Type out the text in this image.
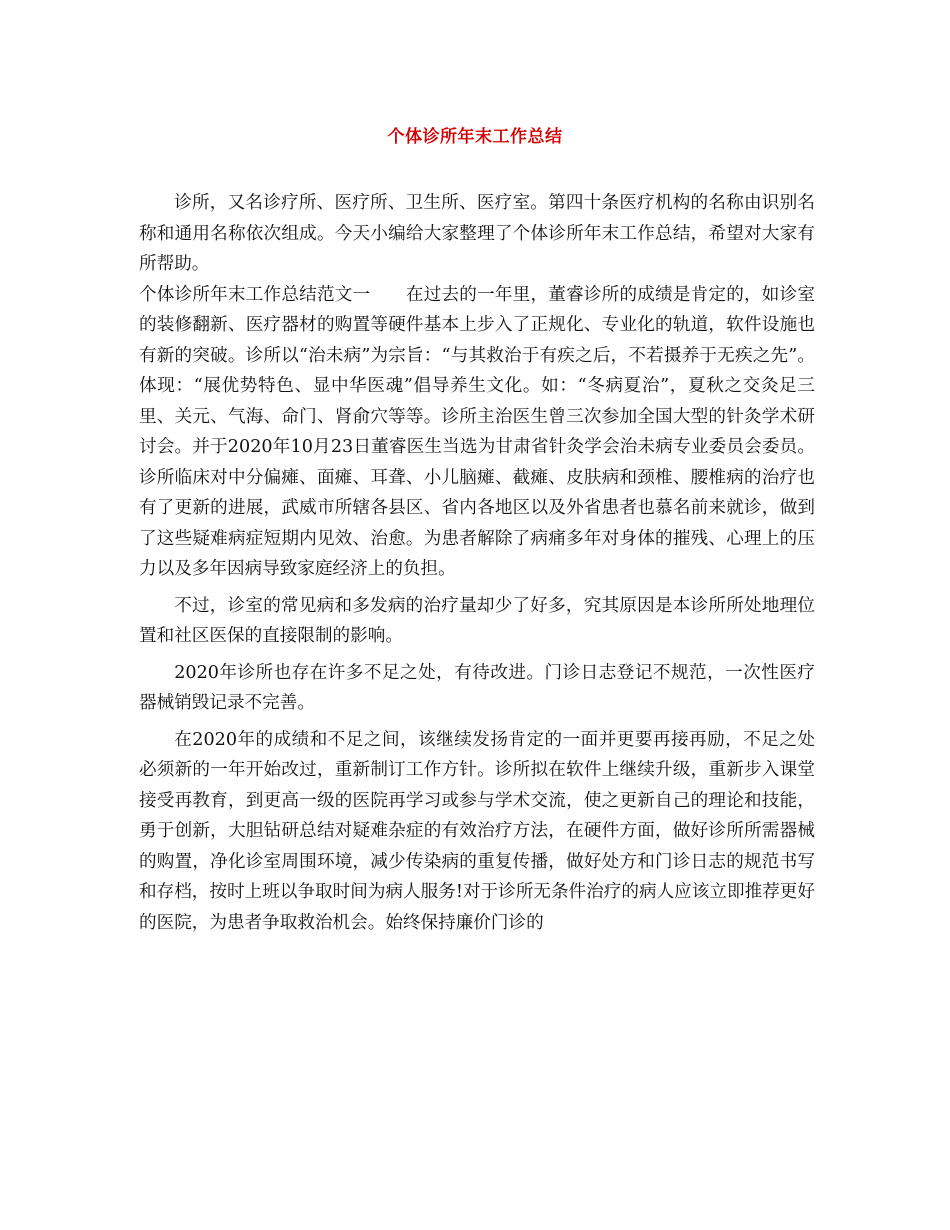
个体诊所年末工作总结

诊所，又名诊疗所、医疗所、卫生所、医疗室。第四十条医疗机构的名称由识别名称和通用名称依次组成。今天小编给大家整理了个体诊所年末工作总结，希望对大家有所帮助。

个体诊所年末工作总结范文一　　在过去的一年里，董睿诊所的成绩是肯定的，如诊室的装修翻新、医疗器材的购置等硬件基本上步入了正规化、专业化的轨道，软件设施也有新的突破。诊所以“治未病”为宗旨：“与其救治于有疾之后，不若摄养于无疾之先”。体现：“展优势特色、显中华医魂”倡导养生文化。如：“冬病夏治”，夏秋之交灸足三里、关元、气海、命门、肾俞穴等等。诊所主治医生曾三次参加全国大型的针灸学术研讨会。并于2020年10月23日董睿医生当选为甘肃省针灸学会治未病专业委员会委员。诊所临床对中分偏瘫、面瘫、耳聋、小儿脑瘫、截瘫、皮肤病和颈椎、腰椎病的治疗也有了更新的进展，武威市所辖各县区、省内各地区以及外省患者也慕名前来就诊，做到了这些疑难病症短期内见效、治愈。为患者解除了病痛多年对身体的摧残、心理上的压力以及多年因病导致家庭经济上的负担。

不过，诊室的常见病和多发病的治疗量却少了好多，究其原因是本诊所所处地理位置和社区医保的直接限制的影响。

2020年诊所也存在许多不足之处，有待改进。门诊日志登记不规范，一次性医疗器械销毁记录不完善。

在2020年的成绩和不足之间，该继续发扬肯定的一面并更要再接再励，不足之处必须新的一年开始改过，重新制订工作方针。诊所拟在软件上继续升级，重新步入课堂接受再教育，到更高一级的医院再学习或参与学术交流，使之更新自己的理论和技能，勇于创新，大胆钻研总结对疑难杂症的有效治疗方法，在硬件方面，做好诊所所需器械的购置，净化诊室周围环境，减少传染病的重复传播，做好处方和门诊日志的规范书写和存档，按时上班以争取时间为病人服务!对于诊所无条件治疗的病人应该立即推荐更好的医院，为患者争取救治机会。始终保持廉价门诊的
